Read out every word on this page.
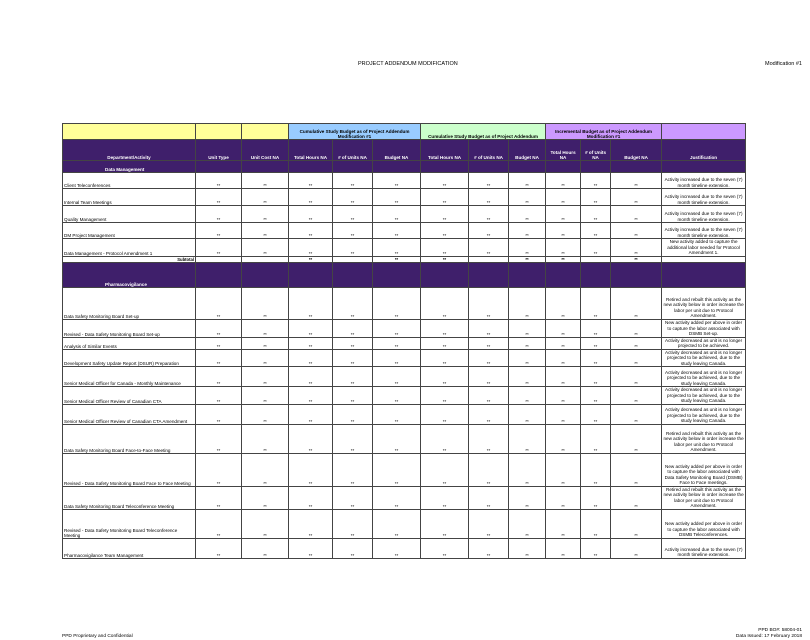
PROJECT ADDENDUM MODIFICATION	Modification #1
			Cumulative Study Budget as of Project Addendum Modification #1			Cumulative Study Budget as of Project Addendum			Incremental Budget as of Project Addendum Modification #1			
Department/Activity	Unit Type	Unit Cost NA	Total Hours NA	# of Units NA	Budget NA	Total Hours NA	# of Units NA	Budget NA	Total Hours NA	# of Units NA	Budget NA	Justification
Data Management												
Client Teleconferences	**	**	**	**	**	**	**	**	**	**	**	Activity increased due to the seven (7) month timeline extension.
Internal Team Meetings	**	**	**	**	**	**	**	**	**	**	**	Activity increased due to the seven (7) month timeline extension.
Quality Management	**	**	**	**	**	**	**	**	**	**	**	Activity increased due to the seven (7) month timeline extension.
DM Project Management	**	**	**	**	**	**	**	**	**	**	**	Activity increased due to the seven (7) month timeline extension.
Data Management - Protocol Amendment 1	**	**	**	**	**	**	**	**	**	**	**	New activity added to capture the additional labor needed for Protocol Amendment 1.
Subtotal			**		**	**		**	**		**	
Pharmacovigilance												
Data Safety Monitoring Board Set-up	**	**	**	**	**	**	**	**	**	**	**	Retired and rebuilt this activity as the new activity below in order increase the labor per unit due to Protocol Amendment.
Revised - Data Safety Monitoring Board Set-up	**	**	**	**	**	**	**	**	**	**	**	New activity added per above in order to capture the labor associated with DSMB Set-up.
Analysis of Similar Events	**	**	**	**	**	**	**	**	**	**	**	Activity decreased as unit is no longer projected to be achieved.
Development Safety Update Report (DSUR) Preparation	**	**	**	**	**	**	**	**	**	**	**	Activity decreased as unit is no longer projected to be achieved, due to the study leaving Canada.
Senior Medical Officer for Canada - Monthly Maintenance	**	**	**	**	**	**	**	**	**	**	**	Activity decreased as unit is no longer projected to be achieved, due to the study leaving Canada.
Senior Medical Officer Review of Canadian CTA	**	**	**	**	**	**	**	**	**	**	**	Activity decreased as unit is no longer projected to be achieved, due to the study leaving Canada.
Senior Medical Officer Review of Canadian CTA Amendment	**	**	**	**	**	**	**	**	**	**	**	Activity decreased as unit is no longer projected to be achieved, due to the study leaving Canada.
Data Safety Monitoring Board Face-to-Face Meeting	**	**	**	**	**	**	**	**	**	**	**	Retired and rebuilt this activity as the new activity below in order increase the labor per unit due to Protocol Amendment.
Revised - Data Safety Monitoring Board Face to Face Meeting	**	**	**	**	**	**	**	**	**	**	**	New activity added per above in order to capture the labor associated with Data Safety Monitoring Board (DSMB) Face to Face meetings.
Data Safety Monitoring Board Teleconference Meeting	**	**	**	**	**	**	**	**	**	**	**	Retired and rebuilt this activity as the new activity below in order increase the labor per unit due to Protocol Amendment.
Revised - Data Safety Monitoring Board Teleconference Meeting	**	**	**	**	**	**	**	**	**	**	**	New activity added per above in order to capture the labor associated with DSMB Teleconferences.
Pharmacovigilance Team Management	**	**	**	**	**	**	**	**	**	**	**	Activity increased due to the seven (7) month timeline extension.
PPD Proprietary and Confidential
PPD BO#: 58004-01
Data Issued: 17 February 2018
